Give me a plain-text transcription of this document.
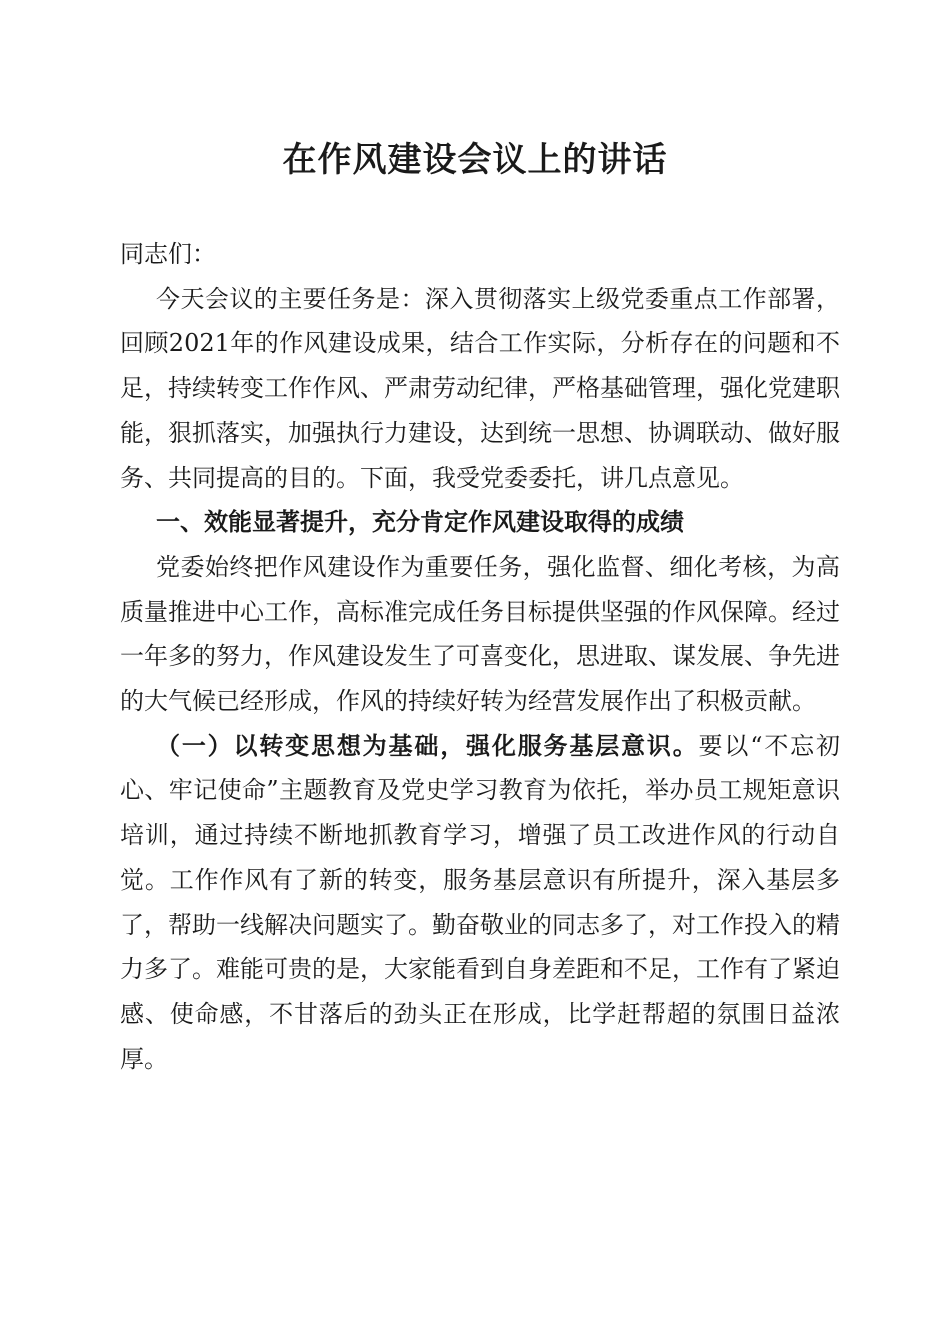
在作风建设会议上的讲话

同志们：

今天会议的主要任务是：深入贯彻落实上级党委重点工作部署，回顾2021年的作风建设成果，结合工作实际，分析存在的问题和不足，持续转变工作作风、严肃劳动纪律，严格基础管理，强化党建职能，狠抓落实，加强执行力建设，达到统一思想、协调联动、做好服务、共同提高的目的。下面，我受党委委托，讲几点意见。

一、效能显著提升，充分肯定作风建设取得的成绩

党委始终把作风建设作为重要任务，强化监督、细化考核，为高质量推进中心工作，高标准完成任务目标提供坚强的作风保障。经过一年多的努力，作风建设发生了可喜变化，思进取、谋发展、争先进的大气候已经形成，作风的持续好转为经营发展作出了积极贡献。

（一）以转变思想为基础，强化服务基层意识。要以“不忘初心、牢记使命”主题教育及党史学习教育为依托，举办员工规矩意识培训，通过持续不断地抓教育学习，增强了员工改进作风的行动自觉。工作作风有了新的转变，服务基层意识有所提升，深入基层多了，帮助一线解决问题实了。勤奋敬业的同志多了，对工作投入的精力多了。难能可贵的是，大家能看到自身差距和不足，工作有了紧迫感、使命感，不甘落后的劲头正在形成，比学赶帮超的氛围日益浓厚。
